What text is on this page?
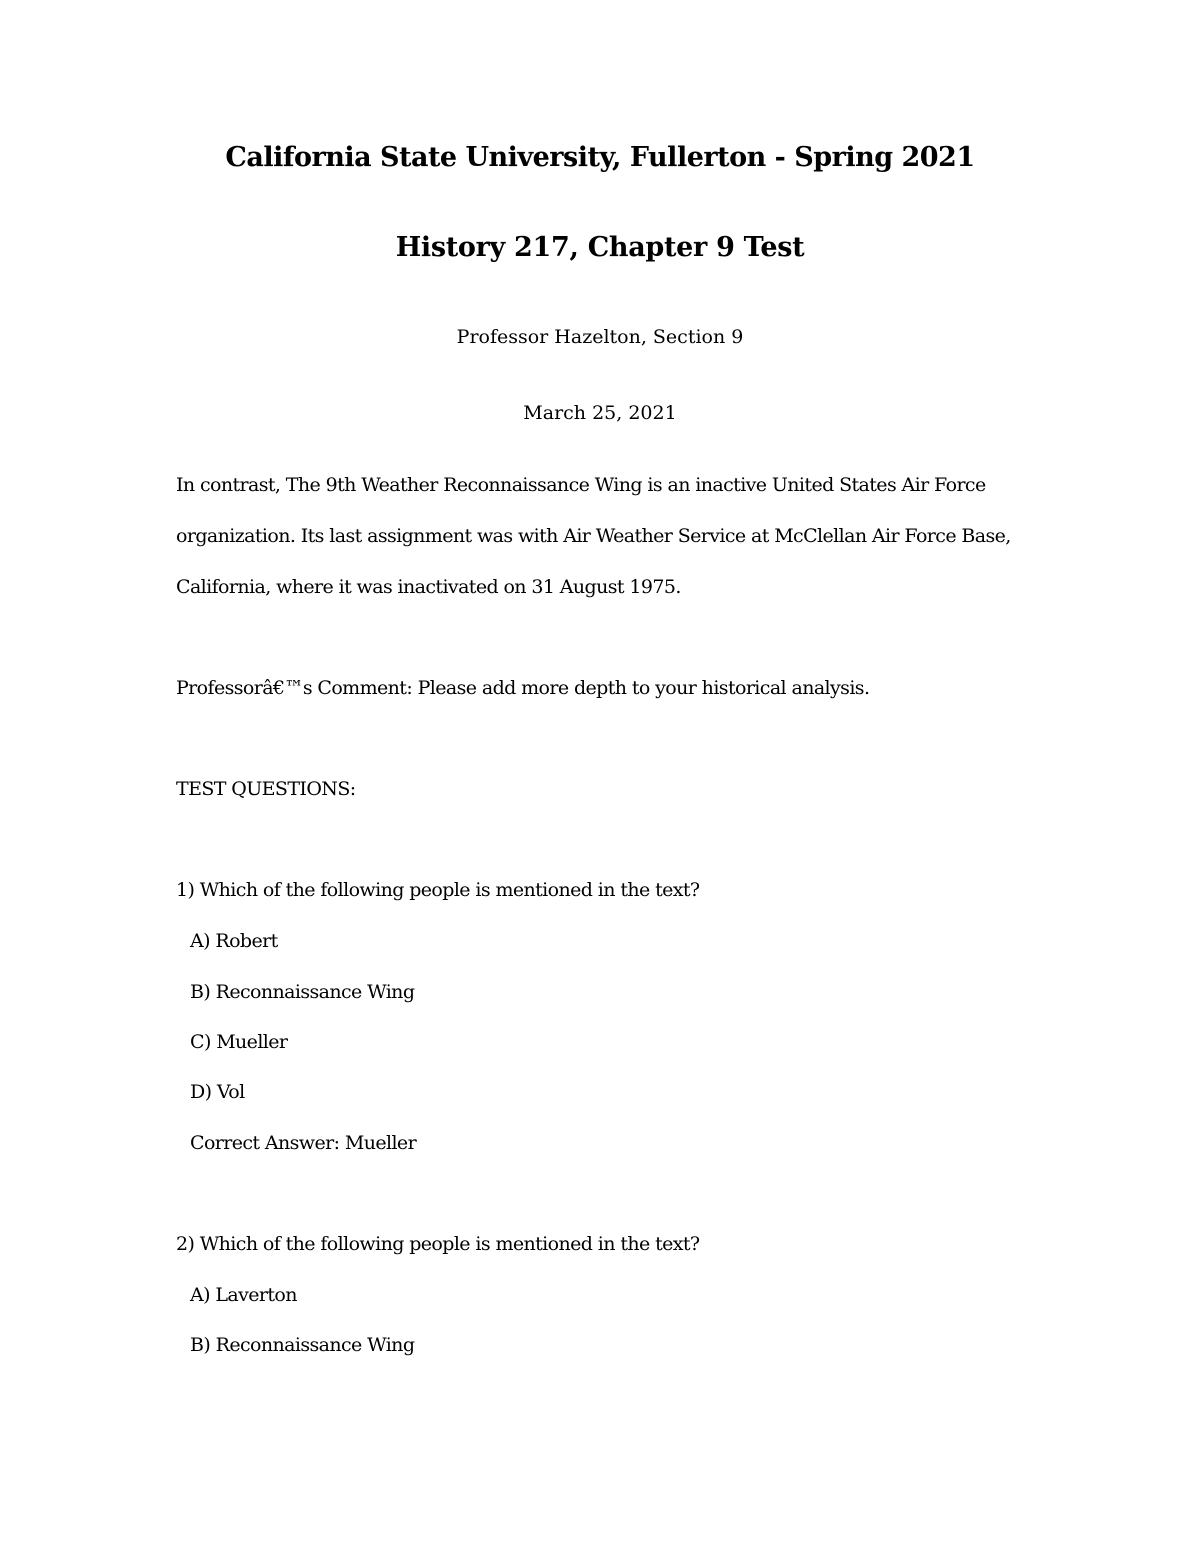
California State University, Fullerton - Spring 2021
History 217, Chapter 9 Test
Professor Hazelton, Section 9
March 25, 2021
In contrast, The 9th Weather Reconnaissance Wing is an inactive United States Air Force
organization. Its last assignment was with Air Weather Service at McClellan Air Force Base,
California, where it was inactivated on 31 August 1975.
Professorâ€™s Comment: Please add more depth to your historical analysis.
TEST QUESTIONS:
1) Which of the following people is mentioned in the text?
A) Robert
B) Reconnaissance Wing
C) Mueller
D) Vol
Correct Answer: Mueller
2) Which of the following people is mentioned in the text?
A) Laverton
B) Reconnaissance Wing
